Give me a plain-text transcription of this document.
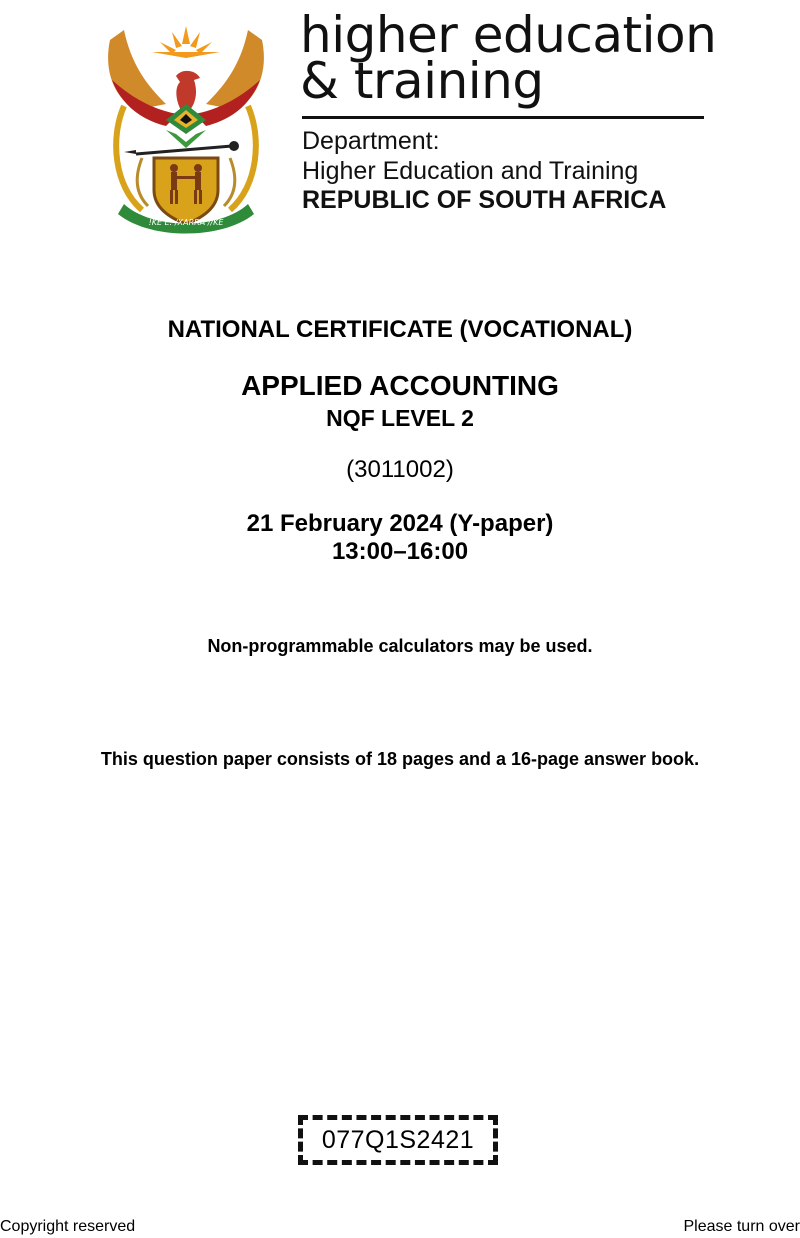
!KE E: /XARRA //KE
higher education
& training
Department:
Higher Education and Training
REPUBLIC OF SOUTH AFRICA
NATIONAL CERTIFICATE (VOCATIONAL)
APPLIED ACCOUNTING
NQF LEVEL 2
(3011002)
21 February 2024 (Y-paper)
13:00–16:00
Non-programmable calculators may be used.
This question paper consists of 18 pages and a 16-page answer book.
077Q1S2421
Copyright reserved	Please turn over
